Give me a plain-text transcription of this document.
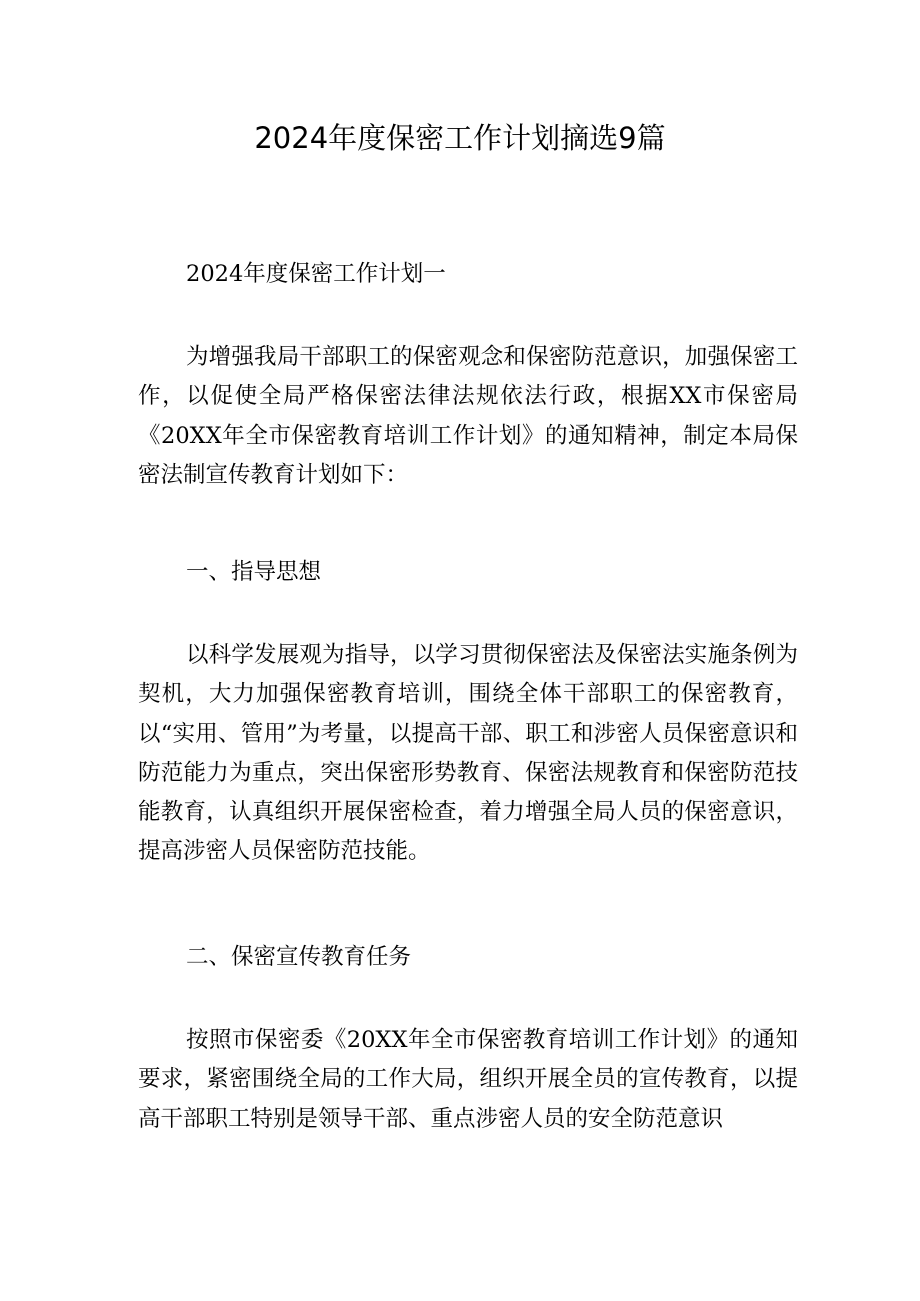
2024年度保密工作计划摘选9篇

2024年度保密工作计划一

为增强我局干部职工的保密观念和保密防范意识，加强保密工作，以促使全局严格保密法律法规依法行政，根据XX市保密局《20XX年全市保密教育培训工作计划》的通知精神，制定本局保密法制宣传教育计划如下：

一、指导思想

以科学发展观为指导，以学习贯彻保密法及保密法实施条例为契机，大力加强保密教育培训，围绕全体干部职工的保密教育，以“实用、管用”为考量，以提高干部、职工和涉密人员保密意识和防范能力为重点，突出保密形势教育、保密法规教育和保密防范技能教育，认真组织开展保密检查，着力增强全局人员的保密意识，提高涉密人员保密防范技能。

二、保密宣传教育任务

按照市保密委《20XX年全市保密教育培训工作计划》的通知要求，紧密围绕全局的工作大局，组织开展全员的宣传教育，以提高干部职工特别是领导干部、重点涉密人员的安全防范意识
